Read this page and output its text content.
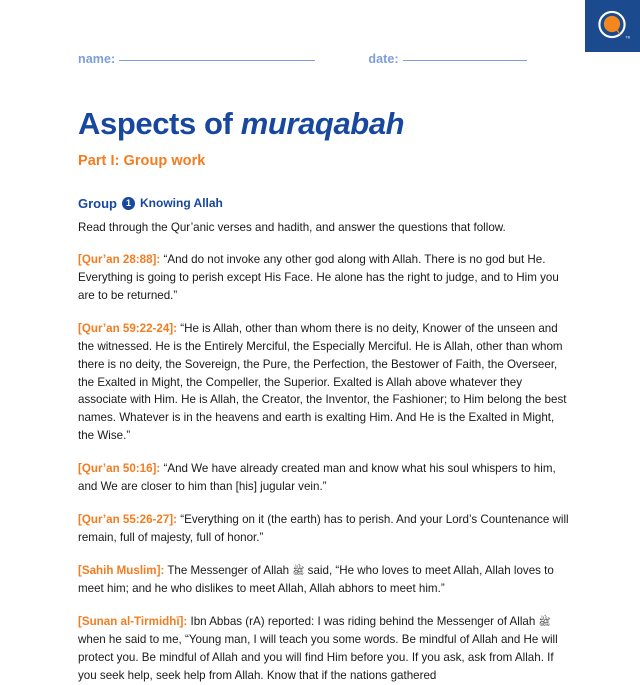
TM
name:	date:
Aspects of muraqabah
Part I: Group work
Group 1 Knowing Allah

Read through the Qur’anic verses and hadith, and answer the questions that follow.

[Qur’an 28:88]: “And do not invoke any other god along with Allah. There is no god but He. Everything is going to perish except His Face. He alone has the right to judge, and to Him you are to be returned.”

[Qur’an 59:22-24]: “He is Allah, other than whom there is no deity, Knower of the unseen and the witnessed. He is the Entirely Merciful, the Especially Merciful. He is Allah, other than whom there is no deity, the Sovereign, the Pure, the Perfection, the Bestower of Faith, the Overseer, the Exalted in Might, the Compeller, the Superior. Exalted is Allah above whatever they associate with Him. He is Allah, the Creator, the Inventor, the Fashioner; to Him belong the best names. Whatever is in the heavens and earth is exalting Him. And He is the Exalted in Might, the Wise.”

[Qur’an 50:16]: “And We have already created man and know what his soul whispers to him, and We are closer to him than [his] jugular vein.”

[Qur’an 55:26-27]: “Everything on it (the earth) has to perish. And your Lord’s Countenance will remain, full of majesty, full of honor.”

[Sahih Muslim]: The Messenger of Allah ﷺ said, “He who loves to meet Allah, Allah loves to meet him; and he who dislikes to meet Allah, Allah abhors to meet him.”

[Sunan al-Tirmidhī]: Ibn Abbas (rA) reported: I was riding behind the Messenger of Allah ﷺ when he said to me, “Young man, I will teach you some words. Be mindful of Allah and He will protect you. Be mindful of Allah and you will find Him before you. If you ask, ask from Allah. If you seek help, seek help from Allah. Know that if the nations gathered
